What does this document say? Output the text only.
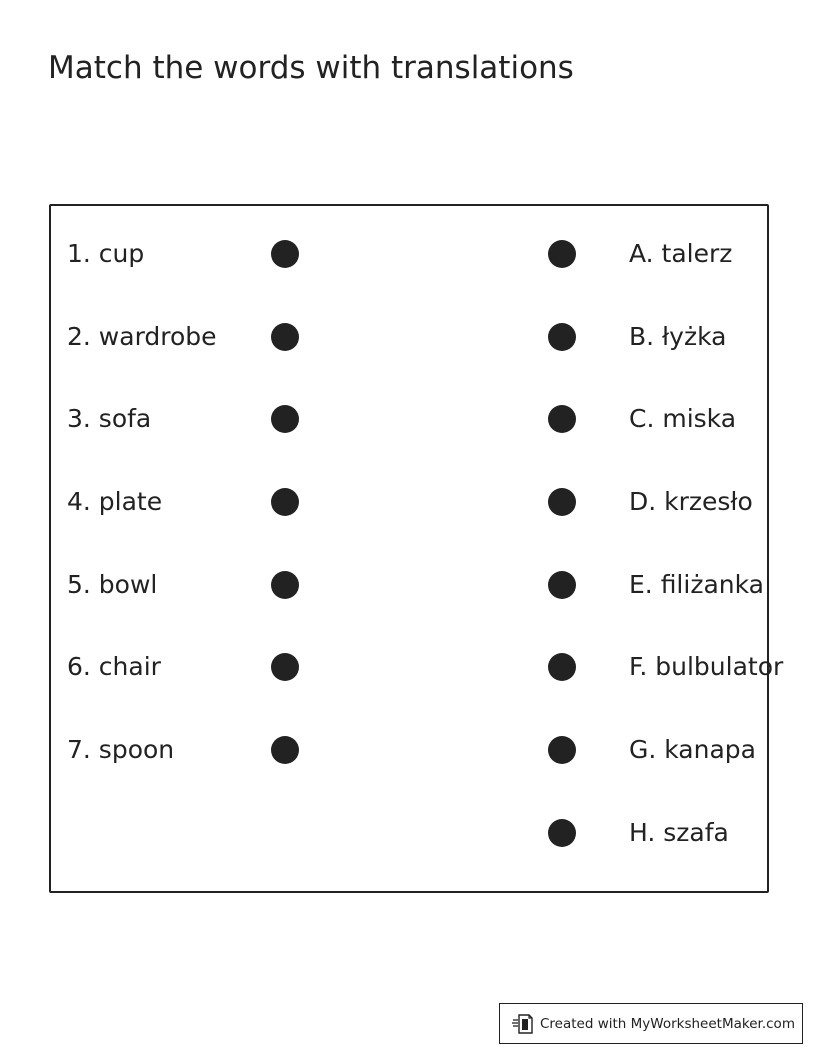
Match the words with translations
1. cup	A. talerz
2. wardrobe	B. łyżka
3. sofa	C. miska
4. plate	D. krzesło
5. bowl	E. filiżanka
6. chair	F. bulbulator
7. spoon	G. kanapa
H. szafa
Created with MyWorksheetMaker.com
